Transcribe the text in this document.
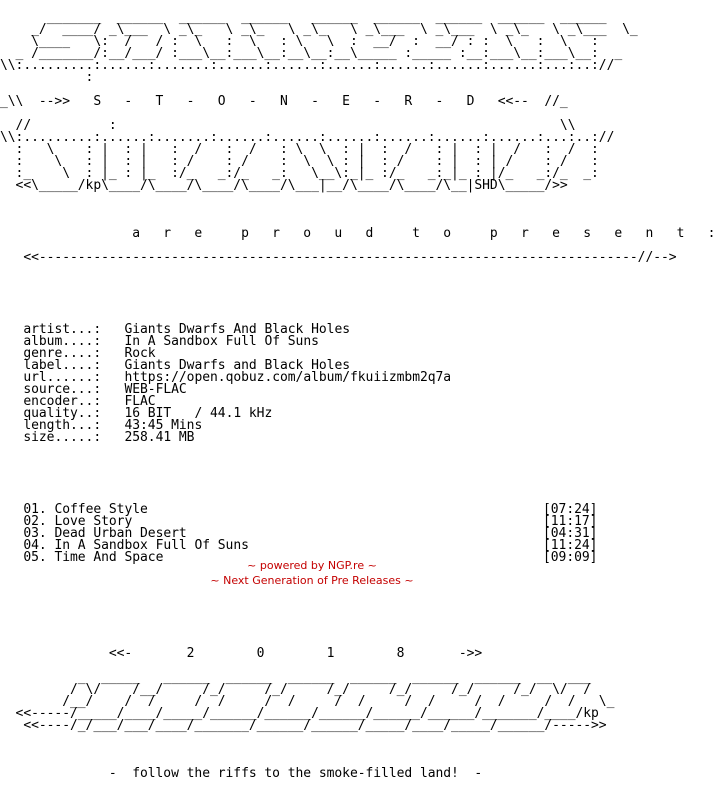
_______  ______  ______  ______   ______  ______  ______  ______  ______
_/  ____/ _\___  \ _\_   \ _\_   \ _\_   \ _\___  \ _\___  \ _\_   \ _\___  \_
\____   \:  /   / :  \   :  \   : \   \  :  __/  :  __/ : :  \   :  \   :
_ /_______/:__/___/ :___\__:___\__:__\__:__\_____ :_____ :__:___\__:___\__:  _
\\:.........:......:.......:......:......:......:......:......:......:...:..://
:

_\\  -->>   S   -   T   -   O   -   N   -   E   -   R   -   D   <<--  //_

//          :                                                         \\
\\:.........:......:.......:......:......:......:......:......:......:...:..://
:   \    : |  : |   :  /   :  /   : \  \  : |  :  /   : |  : |  /   :  /  :
:    \   : |  : |   : /    : /    :  \  \ : |  : /    : |  : | /    : /   :
:_    \  : |_ : |_  :/_   _:/_   _:   \__\:_|_ :/_   _:_|_ : |/_   _:/_  _:
<<\_____/kp\____/\____/\____/\____/\___|__/\____/\____/\__|SHD\_____/>>

a   r   e     p   r   o   u   d     t   o     p   r   e   s   e   n   t   :

<<-----------------------------------------------------------------------------//-->

artist...: Giants Dwarfs And Black Holes
album....: In A Sandbox Full Of Suns
genre....: Rock
label....: Giants Dwarfs and Black Holes
url......: https://open.qobuz.com/album/fkuiizmbm2q7a
source...: WEB-FLAC
encoder..: FLAC
quality..: 16 BIT   / 44.1 kHz
length...: 43:45 Mins
size.....: 258.41 MB

01. Coffee Style	[07:24]
02. Love Story	[11:17]
03. Dead Urban Desert	[04:31]
04. In A Sandbox Full Of Suns	[11:24]
05. Time And Space	[09:09]

<<-       2        0        1        8       ->>

_  _____   ______  ______  ______  ______  ______  ______  __  ___
/ \/    /__/     /_/     /_/     /_/     /_/     /_/     /_/  \/  /
/__/    /  /     /  /     /  /     /  /     /  /     /  /     /  /   \_
<<-----/_____/____/_____/______/______/______/______/______/_______/____/kp
<<----/_/___/___/____/_______/______/______/_____/____/_____/______/----->>

-  follow the riffs to the smoke-filled land!  -

~ powered by NGP.re ~
~ Next Generation of Pre Releases ~
